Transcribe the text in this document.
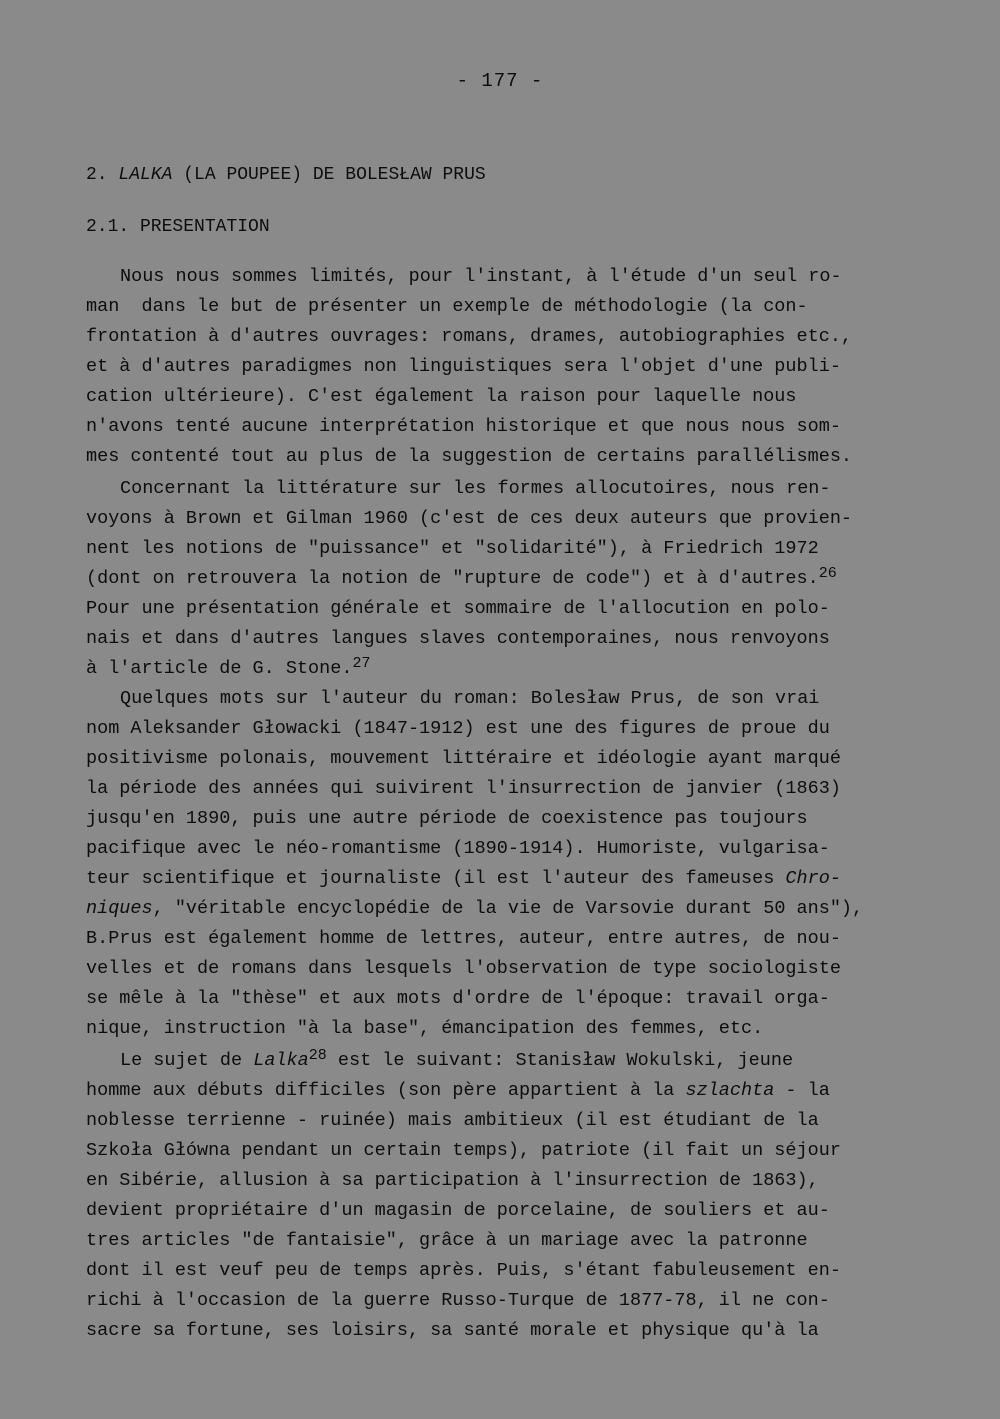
- 177 -
2. LALKA (LA POUPEE) DE BOLESŁAW PRUS
2.1. PRESENTATION
Nous nous sommes limités, pour l'instant, à l'étude d'un seul ro-
man  dans le but de présenter un exemple de méthodologie (la con-
frontation à d'autres ouvrages: romans, drames, autobiographies etc.,
et à d'autres paradigmes non linguistiques sera l'objet d'une publi-
cation ultérieure). C'est également la raison pour laquelle nous
n'avons tenté aucune interprétation historique et que nous nous som-
mes contenté tout au plus de la suggestion de certains parallélismes.
Concernant la littérature sur les formes allocutoires, nous ren-
voyons à Brown et Gilman 1960 (c'est de ces deux auteurs que provien-
nent les notions de "puissance" et "solidarité"), à Friedrich 1972
(dont on retrouvera la notion de "rupture de code") et à d'autres.$^{26}$
Pour une présentation générale et sommaire de l'allocution en polo-
nais et dans d'autres langues slaves contemporaines, nous renvoyons
à l'article de G. Stone.$^{27}$
Quelques mots sur l'auteur du roman: Bolesław Prus, de son vrai
nom Aleksander Głowacki (1847-1912) est une des figures de proue du
positivisme polonais, mouvement littéraire et idéologie ayant marqué
la période des années qui suivirent l'insurrection de janvier (1863)
jusqu'en 1890, puis une autre période de coexistence pas toujours
pacifique avec le néo-romantisme (1890-1914). Humoriste, vulgarisa-
teur scientifique et journaliste (il est l'auteur des fameuses Chro-
niques, "véritable encyclopédie de la vie de Varsovie durant 50 ans"),
B.Prus est également homme de lettres, auteur, entre autres, de nou-
velles et de romans dans lesquels l'observation de type sociologiste
se mêle à la "thèse" et aux mots d'ordre de l'époque: travail orga-
nique, instruction "à la base", émancipation des femmes, etc.
Le sujet de Lalka$^{28}$ est le suivant: Stanisław Wokulski, jeune
homme aux débuts difficiles (son père appartient à la szlachta - la
noblesse terrienne - ruinée) mais ambitieux (il est étudiant de la
Szkoła Główna pendant un certain temps), patriote (il fait un séjour
en Sibérie, allusion à sa participation à l'insurrection de 1863),
devient propriétaire d'un magasin de porcelaine, de souliers et au-
tres articles "de fantaisie", grâce à un mariage avec la patronne
dont il est veuf peu de temps après. Puis, s'étant fabuleusement en-
richi à l'occasion de la guerre Russo-Turque de 1877-78, il ne con-
sacre sa fortune, ses loisirs, sa santé morale et physique qu'à la
